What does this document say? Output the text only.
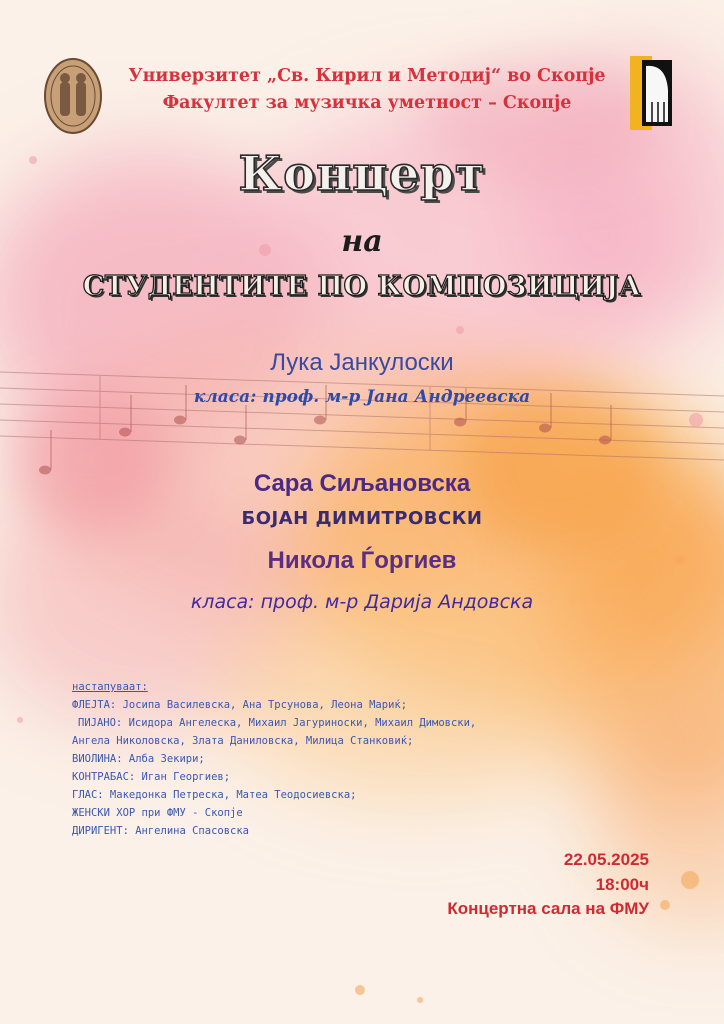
Универзитет „Св. Кирил и Методиј“ во Скопје
Факултет за музичка уметност – Скопје
Концерт
на
СТУДЕНТИТЕ ПО КОМПОЗИЦИЈА
Лука Јанкулоски
класа: проф. м-р Јана Андреевска
Сара Сиљановска
БОЈАН ДИМИТРОВСКИ
Никола Ѓоргиев
класа: проф. м-р Дарија Андовска
настапуваат:
ФЛЕЈТА: Јосипа Василевска, Ана Трсунова, Леона Мариќ;
ПИЈАНО: Исидора Ангелеска, Михаил Јагуриноски, Михаил Димовски,
Ангела Николовска, Злата Даниловска, Милица Станковиќ;
ВИОЛИНА: Алба Зекири;
КОНТРАБАС: Иган Георгиев;
ГЛАС: Македонка Петреска, Матеа Теодосиевска;
ЖЕНСКИ ХОР при ФМУ - Скопје
ДИРИГЕНТ: Ангелина Спасовска
22.05.2025
18:00ч
Концертна сала на ФМУ
